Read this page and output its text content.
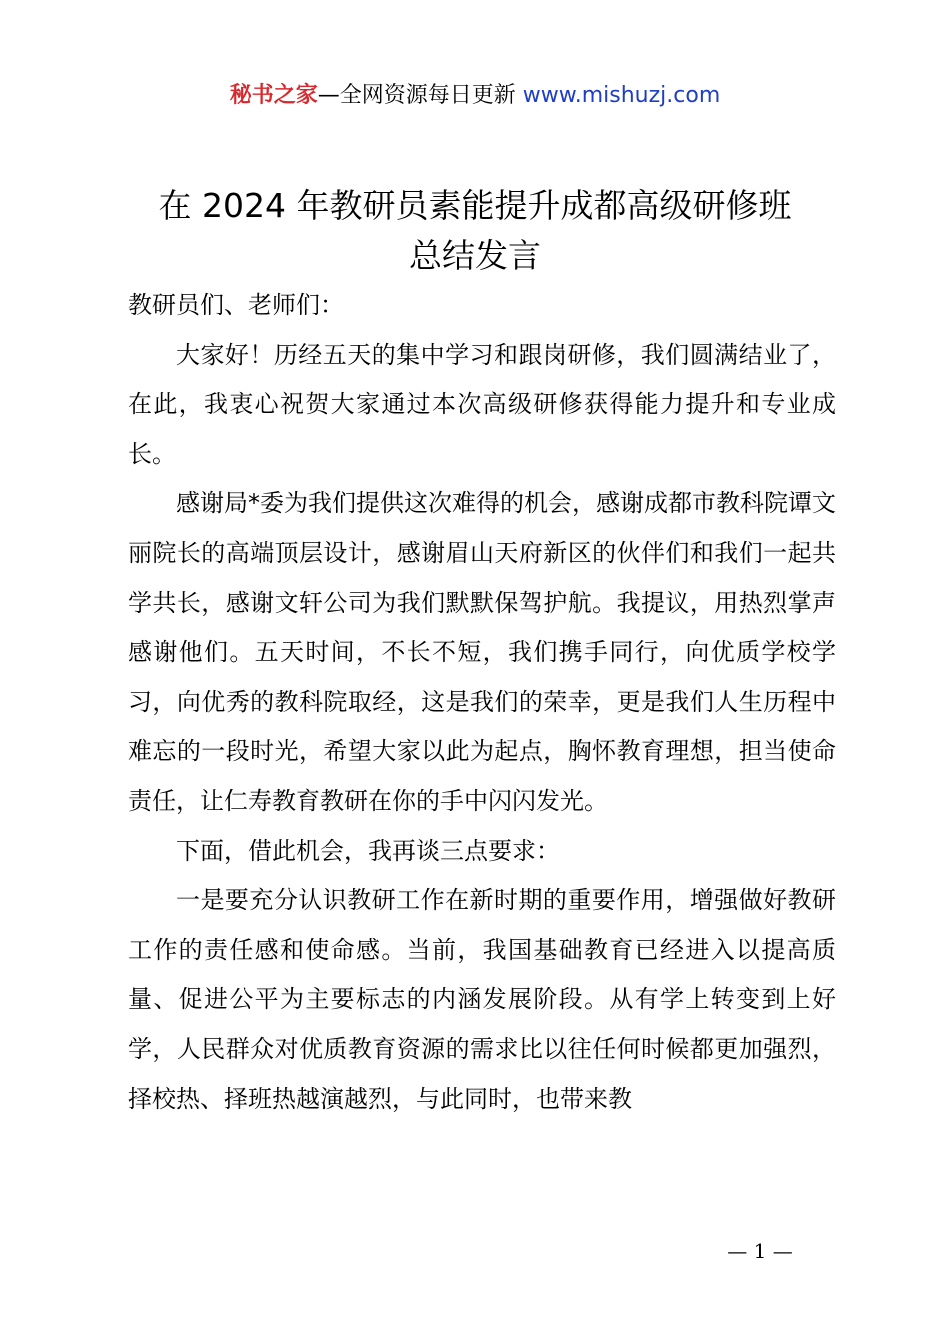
秘书之家—全网资源每日更新 www.mishuzj.com
在 2024 年教研员素能提升成都高级研修班
总结发言

教研员们、老师们：

大家好！历经五天的集中学习和跟岗研修，我们圆满结业了，在此，我衷心祝贺大家通过本次高级研修获得能力提升和专业成长。

感谢局*委为我们提供这次难得的机会，感谢成都市教科院谭文丽院长的高端顶层设计，感谢眉山天府新区的伙伴们和我们一起共学共长，感谢文轩公司为我们默默保驾护航。我提议，用热烈掌声感谢他们。五天时间，不长不短，我们携手同行，向优质学校学习，向优秀的教科院取经，这是我们的荣幸，更是我们人生历程中难忘的一段时光，希望大家以此为起点，胸怀教育理想，担当使命责任，让仁寿教育教研在你的手中闪闪发光。

下面，借此机会，我再谈三点要求：

一是要充分认识教研工作在新时期的重要作用，增强做好教研工作的责任感和使命感。当前，我国基础教育已经进入以提高质量、促进公平为主要标志的内涵发展阶段。从有学上转变到上好学，人民群众对优质教育资源的需求比以往任何时候都更加强烈，择校热、择班热越演越烈，与此同时，也带来教

— 1 —
